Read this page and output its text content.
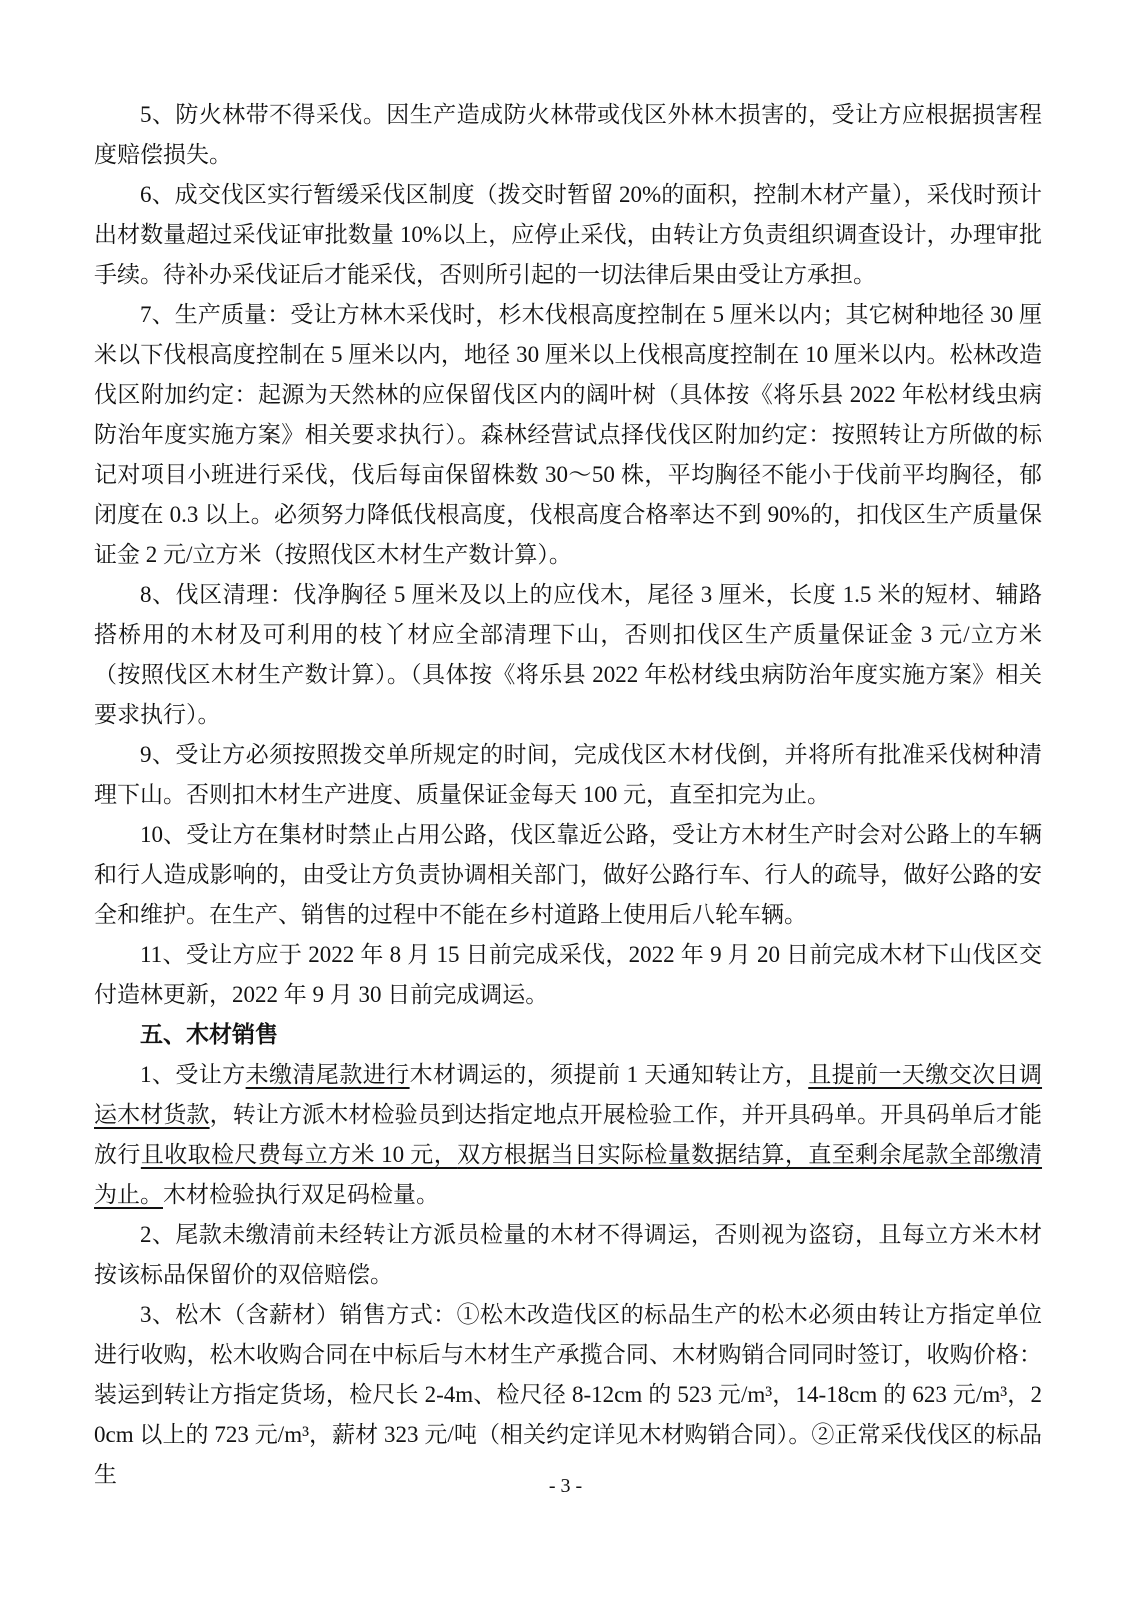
5、防火林带不得采伐。因生产造成防火林带或伐区外林木损害的，受让方应根据损害程度赔偿损失。

6、成交伐区实行暂缓采伐区制度（拨交时暂留 20%的面积，控制木材产量），采伐时预计出材数量超过采伐证审批数量 10%以上，应停止采伐，由转让方负责组织调查设计，办理审批手续。待补办采伐证后才能采伐，否则所引起的一切法律后果由受让方承担。

7、生产质量：受让方林木采伐时，杉木伐根高度控制在 5 厘米以内；其它树种地径 30 厘米以下伐根高度控制在 5 厘米以内，地径 30 厘米以上伐根高度控制在 10 厘米以内。松林改造伐区附加约定：起源为天然林的应保留伐区内的阔叶树（具体按《将乐县 2022 年松材线虫病防治年度实施方案》相关要求执行）。森林经营试点择伐伐区附加约定：按照转让方所做的标记对项目小班进行采伐，伐后每亩保留株数 30～50 株，平均胸径不能小于伐前平均胸径，郁闭度在 0.3 以上。必须努力降低伐根高度，伐根高度合格率达不到 90%的，扣伐区生产质量保证金 2 元/立方米（按照伐区木材生产数计算）。

8、伐区清理：伐净胸径 5 厘米及以上的应伐木，尾径 3 厘米，长度 1.5 米的短材、辅路搭桥用的木材及可利用的枝丫材应全部清理下山，否则扣伐区生产质量保证金 3 元/立方米（按照伐区木材生产数计算）。（具体按《将乐县 2022 年松材线虫病防治年度实施方案》相关要求执行）。

9、受让方必须按照拨交单所规定的时间，完成伐区木材伐倒，并将所有批准采伐树种清理下山。否则扣木材生产进度、质量保证金每天 100 元，直至扣完为止。

10、受让方在集材时禁止占用公路，伐区靠近公路，受让方木材生产时会对公路上的车辆和行人造成影响的，由受让方负责协调相关部门，做好公路行车、行人的疏导，做好公路的安全和维护。在生产、销售的过程中不能在乡村道路上使用后八轮车辆。

11、受让方应于 2022 年 8 月 15 日前完成采伐，2022 年 9 月 20 日前完成木材下山伐区交付造林更新，2022 年 9 月 30 日前完成调运。

五、木材销售

1、受让方未缴清尾款进行木材调运的，须提前 1 天通知转让方，且提前一天缴交次日调运木材货款，转让方派木材检验员到达指定地点开展检验工作，并开具码单。开具码单后才能放行且收取检尺费每立方米 10 元，双方根据当日实际检量数据结算，直至剩余尾款全部缴清为止。木材检验执行双足码检量。

2、尾款未缴清前未经转让方派员检量的木材不得调运，否则视为盗窃，且每立方米木材按该标品保留价的双倍赔偿。

3、松木（含薪材）销售方式：①松木改造伐区的标品生产的松木必须由转让方指定单位进行收购，松木收购合同在中标后与木材生产承揽合同、木材购销合同同时签订，收购价格：装运到转让方指定货场，检尺长 2-4m、检尺径 8-12cm 的 523 元/m³，14-18cm 的 623 元/m³，20cm 以上的 723 元/m³，薪材 323 元/吨（相关约定详见木材购销合同）。②正常采伐伐区的标品生	- 3 -
